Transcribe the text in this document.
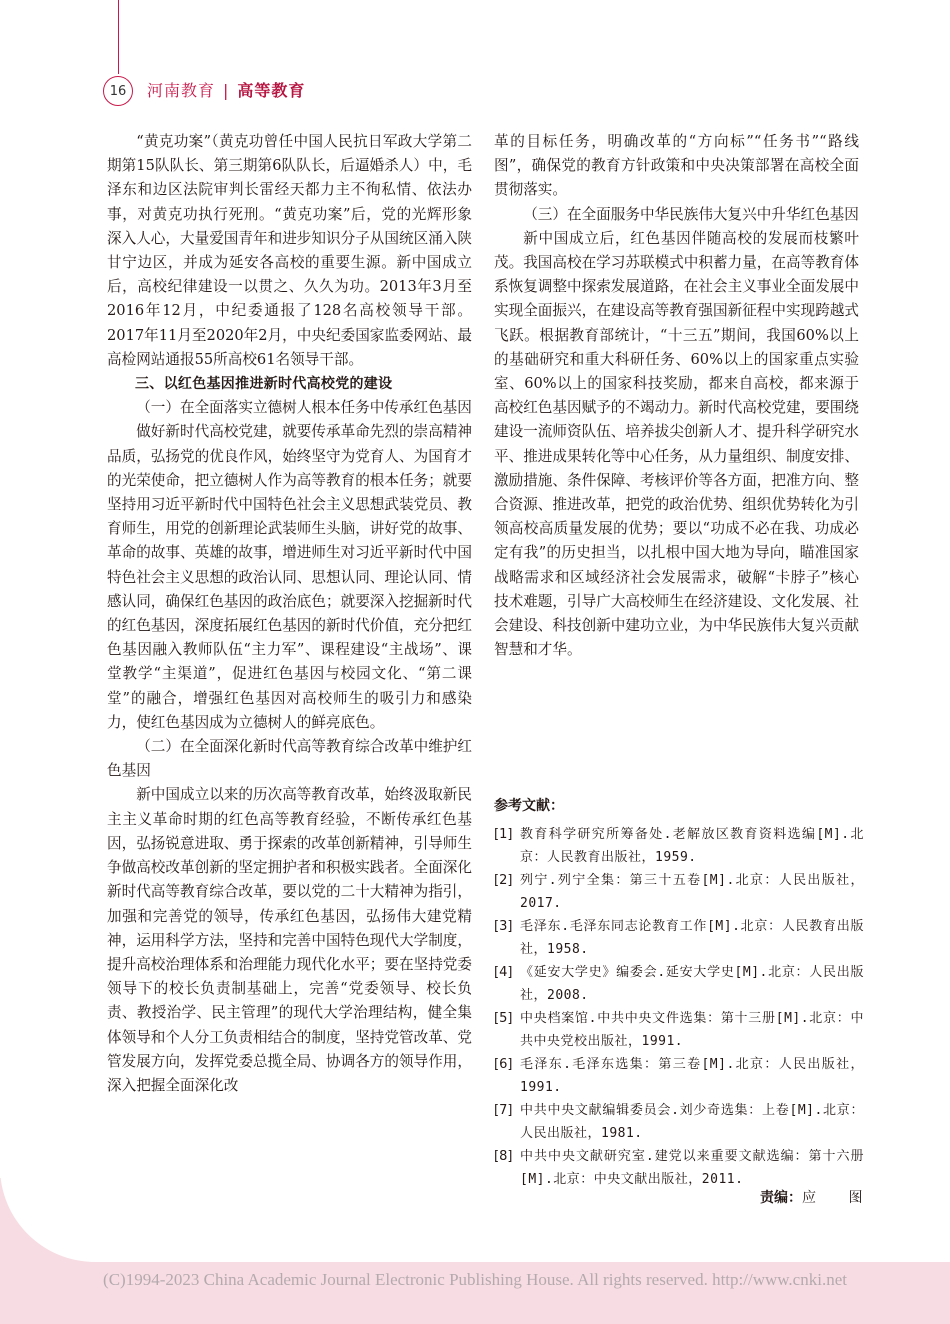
16	河南教育 | 高等教育

“黄克功案”（黄克功曾任中国人民抗日军政大学第二期第15队队长、第三期第6队队长，后逼婚杀人）中，毛泽东和边区法院审判长雷经天都力主不徇私情、依法办事，对黄克功执行死刑。“黄克功案”后，党的光辉形象深入人心，大量爱国青年和进步知识分子从国统区涌入陕甘宁边区，并成为延安各高校的重要生源。新中国成立后，高校纪律建设一以贯之、久久为功。2013年3月至2016年12月，中纪委通报了128名高校领导干部。2017年11月至2020年2月，中央纪委国家监委网站、最高检网站通报55所高校61名领导干部。

三、以红色基因推进新时代高校党的建设

（一）在全面落实立德树人根本任务中传承红色基因

做好新时代高校党建，就要传承革命先烈的崇高精神品质，弘扬党的优良作风，始终坚守为党育人、为国育才的光荣使命，把立德树人作为高等教育的根本任务；就要坚持用习近平新时代中国特色社会主义思想武装党员、教育师生，用党的创新理论武装师生头脑，讲好党的故事、革命的故事、英雄的故事，增进师生对习近平新时代中国特色社会主义思想的政治认同、思想认同、理论认同、情感认同，确保红色基因的政治底色；就要深入挖掘新时代的红色基因，深度拓展红色基因的新时代价值，充分把红色基因融入教师队伍“主力军”、课程建设“主战场”、课堂教学“主渠道”，促进红色基因与校园文化、“第二课堂”的融合，增强红色基因对高校师生的吸引力和感染力，使红色基因成为立德树人的鲜亮底色。

（二）在全面深化新时代高等教育综合改革中维护红色基因

新中国成立以来的历次高等教育改革，始终汲取新民主主义革命时期的红色高等教育经验，不断传承红色基因，弘扬锐意进取、勇于探索的改革创新精神，引导师生争做高校改革创新的坚定拥护者和积极实践者。全面深化新时代高等教育综合改革，要以党的二十大精神为指引，加强和完善党的领导，传承红色基因，弘扬伟大建党精神，运用科学方法，坚持和完善中国特色现代大学制度，提升高校治理体系和治理能力现代化水平；要在坚持党委领导下的校长负责制基础上，完善“党委领导、校长负责、教授治学、民主管理”的现代大学治理结构，健全集体领导和个人分工负责相结合的制度，坚持党管改革、党管发展方向，发挥党委总揽全局、协调各方的领导作用，深入把握全面深化改

革的目标任务，明确改革的“方向标”“任务书”“路线图”，确保党的教育方针政策和中央决策部署在高校全面贯彻落实。

（三）在全面服务中华民族伟大复兴中升华红色基因

新中国成立后，红色基因伴随高校的发展而枝繁叶茂。我国高校在学习苏联模式中积蓄力量，在高等教育体系恢复调整中探索发展道路，在社会主义事业全面发展中实现全面振兴，在建设高等教育强国新征程中实现跨越式飞跃。根据教育部统计，“十三五”期间，我国60%以上的基础研究和重大科研任务、60%以上的国家重点实验室、60%以上的国家科技奖励，都来自高校，都来源于高校红色基因赋予的不竭动力。新时代高校党建，要围绕建设一流师资队伍、培养拔尖创新人才、提升科学研究水平、推进成果转化等中心任务，从力量组织、制度安排、激励措施、条件保障、考核评价等各方面，把准方向、整合资源、推进改革，把党的政治优势、组织优势转化为引领高校高质量发展的优势；要以“功成不必在我、功成必定有我”的历史担当，以扎根中国大地为导向，瞄准国家战略需求和区域经济社会发展需求，破解“卡脖子”核心技术难题，引导广大高校师生在经济建设、文化发展、社会建设、科技创新中建功立业，为中华民族伟大复兴贡献智慧和才华。

参考文献：
[1] 教育科学研究所筹备处.老解放区教育资料选编[M].北京：人民教育出版社，1959.
[2] 列宁.列宁全集：第三十五卷[M].北京：人民出版社，2017.
[3] 毛泽东.毛泽东同志论教育工作[M].北京：人民教育出版社，1958.
[4] 《延安大学史》编委会.延安大学史[M].北京：人民出版社，2008.
[5] 中央档案馆.中共中央文件选集：第十三册[M].北京：中共中央党校出版社，1991.
[6] 毛泽东.毛泽东选集：第三卷[M].北京：人民出版社，1991.
[7] 中共中央文献编辑委员会.刘少奇选集：上卷[M].北京：人民出版社，1981.
[8] 中共中央文献研究室.建党以来重要文献选编：第十六册[M].北京：中央文献出版社，2011.
责编：应 图
(C)1994-2023 China Academic Journal Electronic Publishing House. All rights reserved. http://www.cnki.net
